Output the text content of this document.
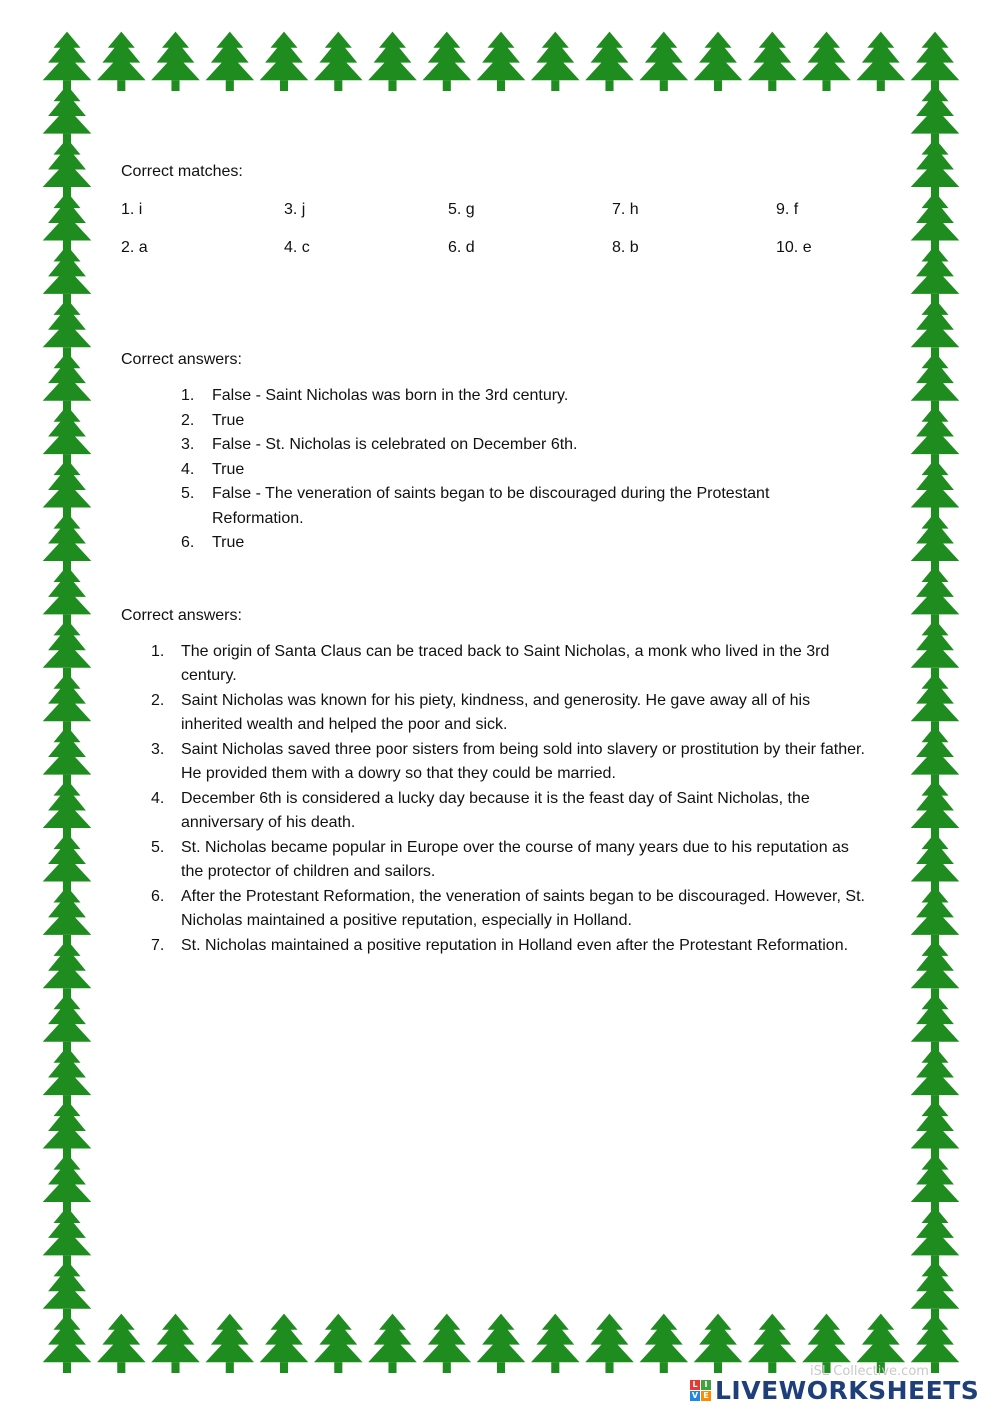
Correct matches:
1. i
2. a
3. j
4. c
5. g
6. d
7. h
8. b
9. f
10. e
Correct answers:
1. False - Saint Nicholas was born in the 3rd century.
2. True
3. False - St. Nicholas is celebrated on December 6th.
4. True
5. False - The veneration of saints began to be discouraged during the Protestant Reformation.
6. True
Correct answers:
1. The origin of Santa Claus can be traced back to Saint Nicholas, a monk who lived in the 3rd century.
2. Saint Nicholas was known for his piety, kindness, and generosity. He gave away all of his inherited wealth and helped the poor and sick.
3. Saint Nicholas saved three poor sisters from being sold into slavery or prostitution by their father. He provided them with a dowry so that they could be married.
4. December 6th is considered a lucky day because it is the feast day of Saint Nicholas, the anniversary of his death.
5. St. Nicholas became popular in Europe over the course of many years due to his reputation as the protector of children and sailors.
6. After the Protestant Reformation, the veneration of saints began to be discouraged. However, St. Nicholas maintained a positive reputation, especially in Holland.
7. St. Nicholas maintained a positive reputation in Holland even after the Protestant Reformation.
iSL Collective.com
L I
V E LIVEWORKSHEETS
